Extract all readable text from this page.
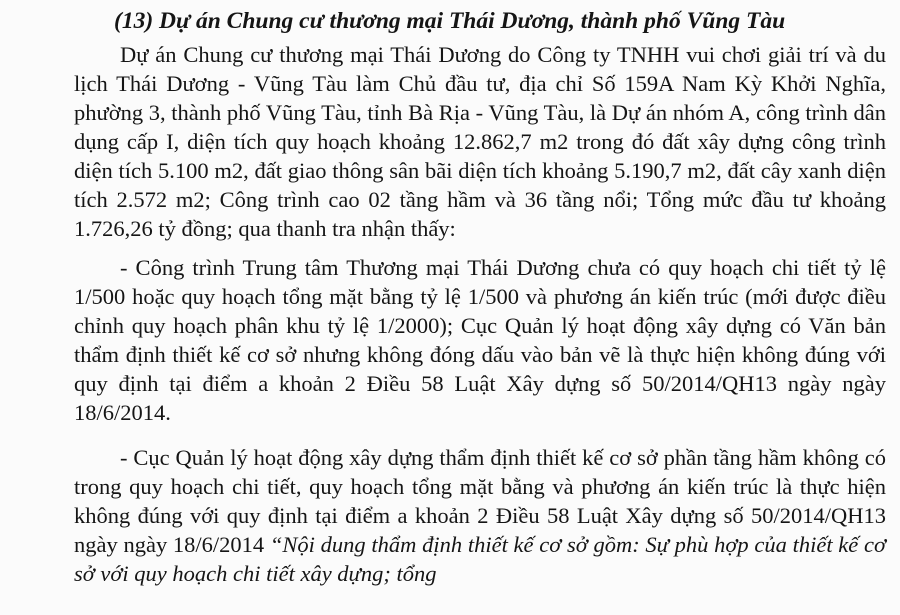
(13) Dự án Chung cư thương mại Thái Dương, thành phố Vũng Tàu

Dự án Chung cư thương mại Thái Dương do Công ty TNHH vui chơi giải trí và du lịch Thái Dương - Vũng Tàu làm Chủ đầu tư, địa chỉ Số 159A Nam Kỳ Khởi Nghĩa, phường 3, thành phố Vũng Tàu, tỉnh Bà Rịa - Vũng Tàu, là Dự án nhóm A, công trình dân dụng cấp I, diện tích quy hoạch khoảng 12.862,7 m2 trong đó đất xây dựng công trình diện tích 5.100 m2, đất giao thông sân bãi diện tích khoảng 5.190,7 m2, đất cây xanh diện tích 2.572 m2; Công trình cao 02 tầng hầm và 36 tầng nổi; Tổng mức đầu tư khoảng 1.726,26 tỷ đồng; qua thanh tra nhận thấy:

- Công trình Trung tâm Thương mại Thái Dương chưa có quy hoạch chi tiết tỷ lệ 1/500 hoặc quy hoạch tổng mặt bằng tỷ lệ 1/500 và phương án kiến trúc (mới được điều chỉnh quy hoạch phân khu tỷ lệ 1/2000); Cục Quản lý hoạt động xây dựng có Văn bản thẩm định thiết kế cơ sở nhưng không đóng dấu vào bản vẽ là thực hiện không đúng với quy định tại điểm a khoản 2 Điều 58 Luật Xây dựng số 50/2014/QH13 ngày ngày 18/6/2014.

- Cục Quản lý hoạt động xây dựng thẩm định thiết kế cơ sở phần tầng hầm không có trong quy hoạch chi tiết, quy hoạch tổng mặt bằng và phương án kiến trúc là thực hiện không đúng với quy định tại điểm a khoản 2 Điều 58 Luật Xây dựng số 50/2014/QH13 ngày ngày 18/6/2014 “Nội dung thẩm định thiết kế cơ sở gồm: Sự phù hợp của thiết kế cơ sở với quy hoạch chi tiết xây dựng; tổng
